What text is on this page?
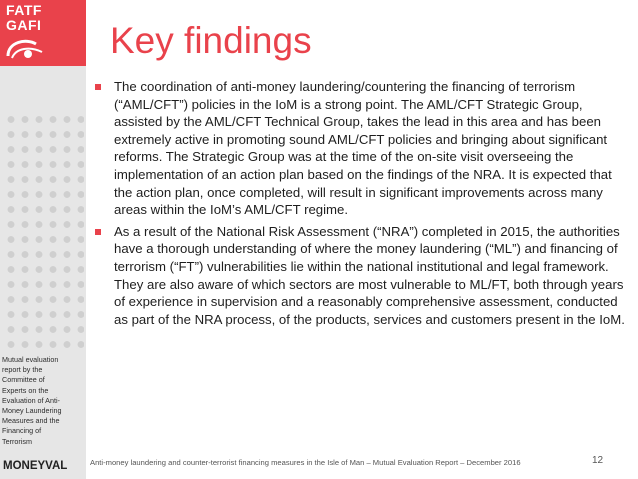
FATF
GAFI
Mutual evaluation report by the Committee of Experts on the Evaluation of Anti-Money Laundering Measures and the Financing of Terrorism
MONEYVAL
Key findings
The coordination of anti-money laundering/countering the financing of terrorism (“AML/CFT”) policies in the IoM is a strong point. The AML/CFT Strategic Group, assisted by the AML/CFT Technical Group, takes the lead in this area and has been extremely active in promoting sound AML/CFT policies and bringing about significant reforms. The Strategic Group was at the time of the on-site visit overseeing the implementation of an action plan based on the findings of the NRA. It is expected that the action plan, once completed, will result in significant improvements across many areas within the IoM’s AML/CFT regime.
As a result of the National Risk Assessment (“NRA”) completed in 2015, the authorities have a thorough understanding of where the money laundering (“ML”) and financing of terrorism (“FT”) vulnerabilities lie within the national institutional and legal framework. They are also aware of which sectors are most vulnerable to ML/FT, both through years of experience in supervision and a reasonably comprehensive assessment, conducted as part of the NRA process, of the products, services and customers present in the IoM.
Anti-money laundering and counter-terrorist financing measures in the Isle of Man – Mutual Evaluation Report – December 2016	12
